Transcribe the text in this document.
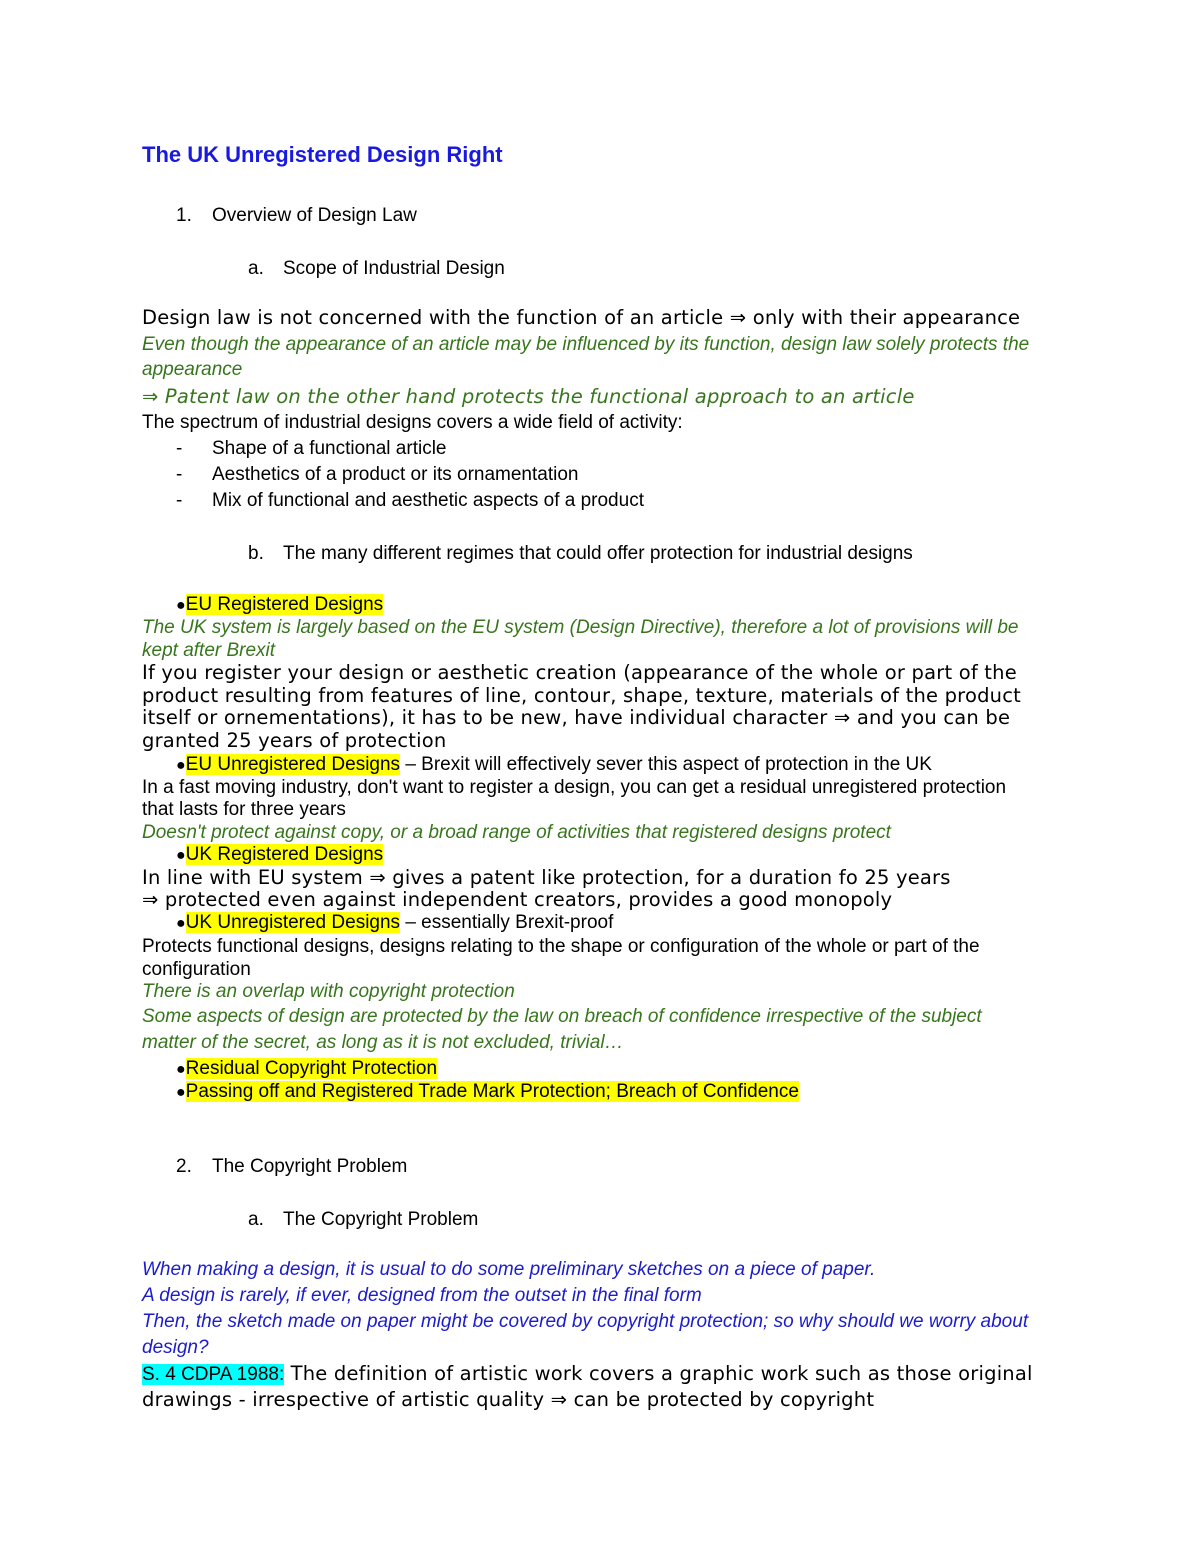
The UK Unregistered Design Right
1. Overview of Design Law
a. Scope of Industrial Design
Design law is not concerned with the function of an article ⇒ only with their appearance
Even though the appearance of an article may be influenced by its function, design law solely protects the
appearance
⇒ Patent law on the other hand protects the functional approach to an article
The spectrum of industrial designs covers a wide field of activity:
- Shape of a functional article
- Aesthetics of a product or its ornamentation
- Mix of functional and aesthetic aspects of a product
b. The many different regimes that could offer protection for industrial designs
●EU Registered Designs
The UK system is largely based on the EU system (Design Directive), therefore a lot of provisions will be
kept after Brexit
If you register your design or aesthetic creation (appearance of the whole or part of the
product resulting from features of line, contour, shape, texture, materials of the product
itself or ornementations), it has to be new, have individual character ⇒ and you can be
granted 25 years of protection
●EU Unregistered Designs – Brexit will effectively sever this aspect of protection in the UK
In a fast moving industry, don't want to register a design, you can get a residual unregistered protection
that lasts for three years
Doesn't protect against copy, or a broad range of activities that registered designs protect
●UK Registered Designs
In line with EU system ⇒ gives a patent like protection, for a duration fo 25 years
⇒ protected even against independent creators, provides a good monopoly
●UK Unregistered Designs – essentially Brexit-proof
Protects functional designs, designs relating to the shape or configuration of the whole or part of the
configuration
There is an overlap with copyright protection
Some aspects of design are protected by the law on breach of confidence irrespective of the subject
matter of the secret, as long as it is not excluded, trivial…
●Residual Copyright Protection
●Passing off and Registered Trade Mark Protection; Breach of Confidence
2. The Copyright Problem
a. The Copyright Problem
When making a design, it is usual to do some preliminary sketches on a piece of paper.
A design is rarely, if ever, designed from the outset in the final form
Then, the sketch made on paper might be covered by copyright protection; so why should we worry about
design?
S. 4 CDPA 1988: The definition of artistic work covers a graphic work such as those original
drawings - irrespective of artistic quality ⇒ can be protected by copyright
